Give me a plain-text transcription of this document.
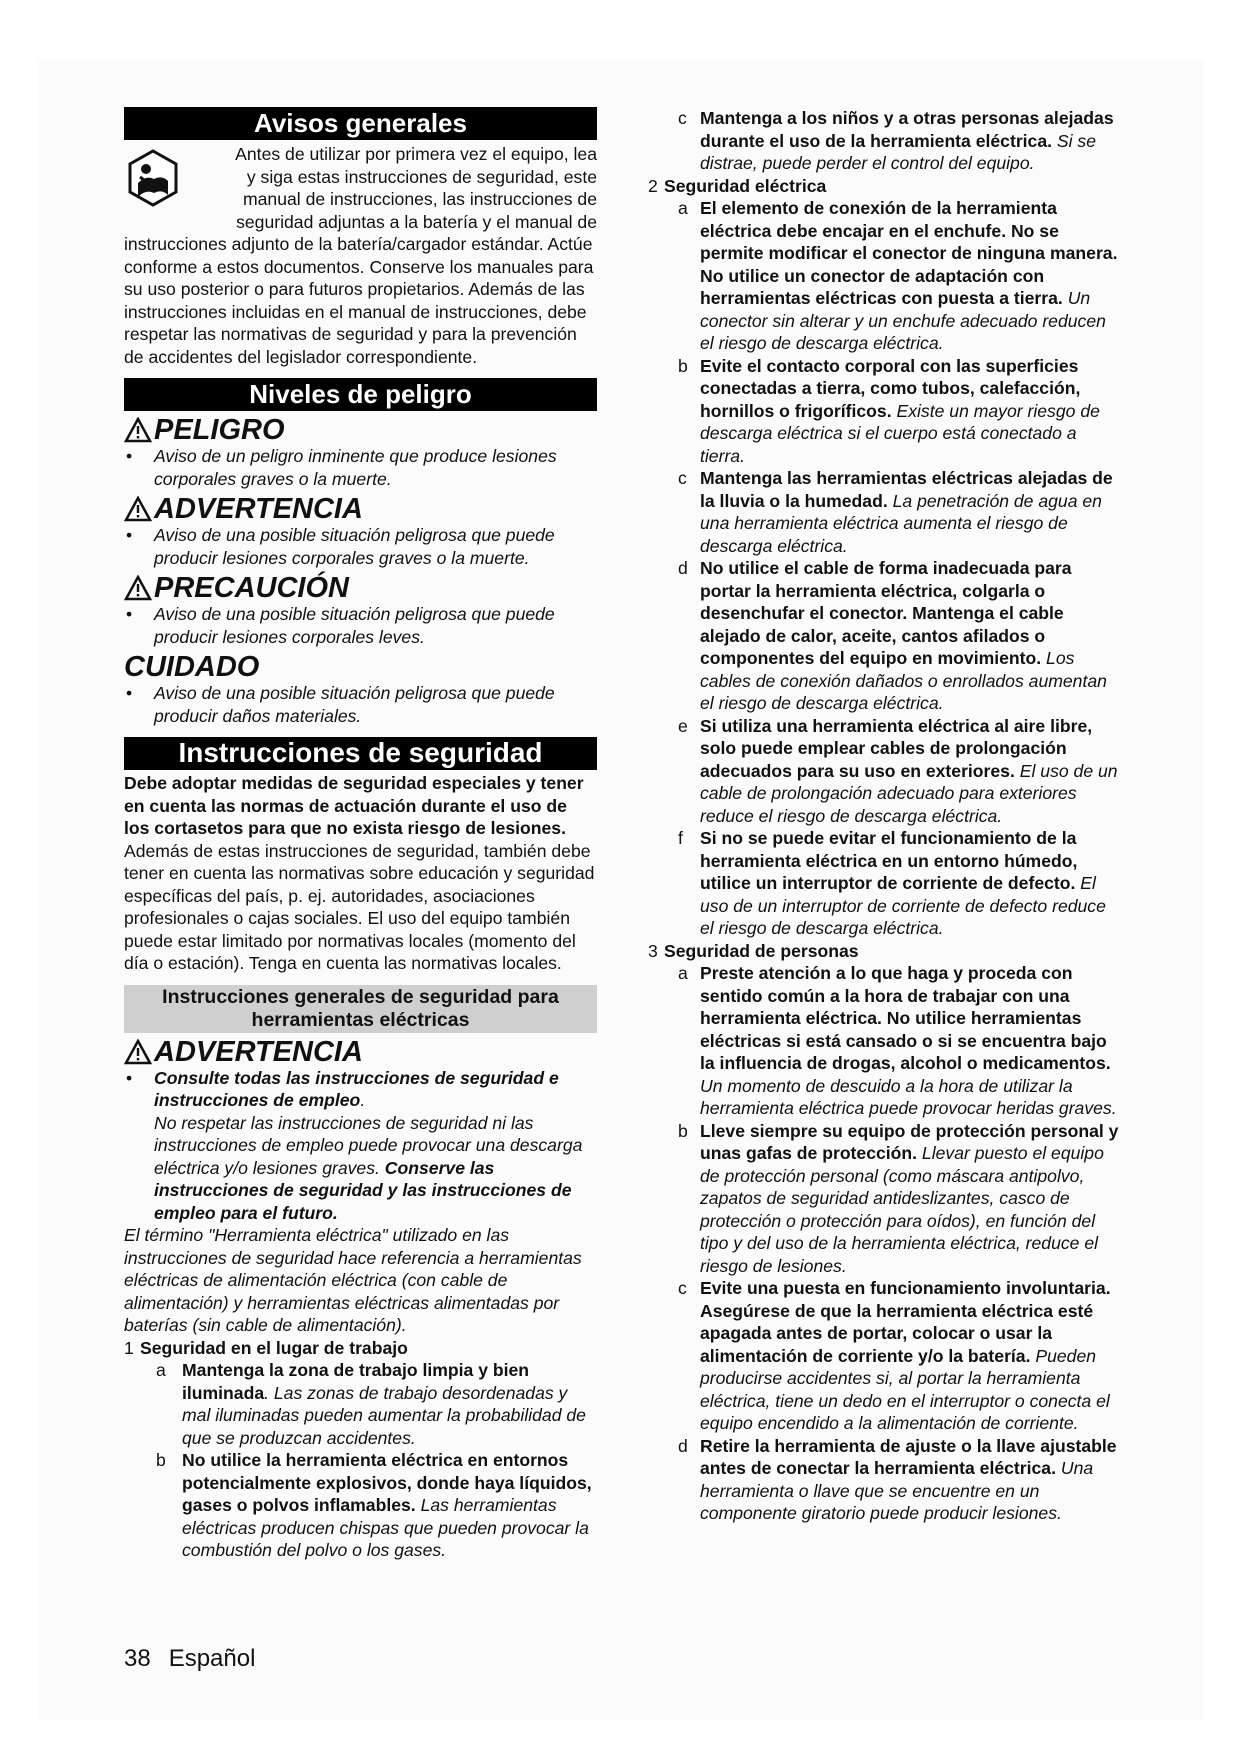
Avisos generales

Antes de utilizar por primera vez el equipo, lea

y siga estas instrucciones de seguridad, este

manual de instrucciones, las instrucciones de

seguridad adjuntas a la batería y el manual de

instrucciones adjunto de la batería/cargador estándar. Actúe conforme a estos documentos. Conserve los manuales para su uso posterior o para futuros propietarios. Además de las instrucciones incluidas en el manual de instrucciones, debe respetar las normativas de seguridad y para la prevención de accidentes del legislador correspondiente.

Niveles de peligro
PELIGRO
• Aviso de un peligro inminente que produce lesiones corporales graves o la muerte.
ADVERTENCIA
• Aviso de una posible situación peligrosa que puede producir lesiones corporales graves o la muerte.
PRECAUCIÓN
• Aviso de una posible situación peligrosa que puede producir lesiones corporales leves.
CUIDADO
• Aviso de una posible situación peligrosa que puede producir daños materiales.
Instrucciones de seguridad

Debe adoptar medidas de seguridad especiales y tener en cuenta las normas de actuación durante el uso de los cortasetos para que no exista riesgo de lesiones.

Además de estas instrucciones de seguridad, también debe tener en cuenta las normativas sobre educación y seguridad específicas del país, p. ej. autoridades, asociaciones profesionales o cajas sociales. El uso del equipo también puede estar limitado por normativas locales (momento del día o estación). Tenga en cuenta las normativas locales.

Instrucciones generales de seguridad para herramientas eléctricas
ADVERTENCIA
• Consulte todas las instrucciones de seguridad e instrucciones de empleo.
No respetar las instrucciones de seguridad ni las instrucciones de empleo puede provocar una descarga eléctrica y/o lesiones graves. Conserve las instrucciones de seguridad y las instrucciones de empleo para el futuro.

El término "Herramienta eléctrica" utilizado en las instrucciones de seguridad hace referencia a herramientas eléctricas de alimentación eléctrica (con cable de alimentación) y herramientas eléctricas alimentadas por baterías (sin cable de alimentación).

1 Seguridad en el lugar de trabajo
a Mantenga la zona de trabajo limpia y bien iluminada. Las zonas de trabajo desordenadas y mal iluminadas pueden aumentar la probabilidad de que se produzcan accidentes.
b No utilice la herramienta eléctrica en entornos potencialmente explosivos, donde haya líquidos, gases o polvos inflamables. Las herramientas eléctricas producen chispas que pueden provocar la combustión del polvo o los gases.
c Mantenga a los niños y a otras personas alejadas durante el uso de la herramienta eléctrica. Si se distrae, puede perder el control del equipo.
2 Seguridad eléctrica
a El elemento de conexión de la herramienta eléctrica debe encajar en el enchufe. No se permite modificar el conector de ninguna manera. No utilice un conector de adaptación con herramientas eléctricas con puesta a tierra. Un conector sin alterar y un enchufe adecuado reducen el riesgo de descarga eléctrica.
b Evite el contacto corporal con las superficies conectadas a tierra, como tubos, calefacción, hornillos o frigoríficos. Existe un mayor riesgo de descarga eléctrica si el cuerpo está conectado a tierra.
c Mantenga las herramientas eléctricas alejadas de la lluvia o la humedad. La penetración de agua en una herramienta eléctrica aumenta el riesgo de descarga eléctrica.
d No utilice el cable de forma inadecuada para portar la herramienta eléctrica, colgarla o desenchufar el conector. Mantenga el cable alejado de calor, aceite, cantos afilados o componentes del equipo en movimiento. Los cables de conexión dañados o enrollados aumentan el riesgo de descarga eléctrica.
e Si utiliza una herramienta eléctrica al aire libre, solo puede emplear cables de prolongación adecuados para su uso en exteriores. El uso de un cable de prolongación adecuado para exteriores reduce el riesgo de descarga eléctrica.
f Si no se puede evitar el funcionamiento de la herramienta eléctrica en un entorno húmedo, utilice un interruptor de corriente de defecto. El uso de un interruptor de corriente de defecto reduce el riesgo de descarga eléctrica.
3 Seguridad de personas
a Preste atención a lo que haga y proceda con sentido común a la hora de trabajar con una herramienta eléctrica. No utilice herramientas eléctricas si está cansado o si se encuentra bajo la influencia de drogas, alcohol o medicamentos. Un momento de descuido a la hora de utilizar la herramienta eléctrica puede provocar heridas graves.
b Lleve siempre su equipo de protección personal y unas gafas de protección. Llevar puesto el equipo de protección personal (como máscara antipolvo, zapatos de seguridad antideslizantes, casco de protección o protección para oídos), en función del tipo y del uso de la herramienta eléctrica, reduce el riesgo de lesiones.
c Evite una puesta en funcionamiento involuntaria. Asegúrese de que la herramienta eléctrica esté apagada antes de portar, colocar o usar la alimentación de corriente y/o la batería. Pueden producirse accidentes si, al portar la herramienta eléctrica, tiene un dedo en el interruptor o conecta el equipo encendido a la alimentación de corriente.
d Retire la herramienta de ajuste o la llave ajustable antes de conectar la herramienta eléctrica. Una herramienta o llave que se encuentre en un componente giratorio puede producir lesiones.
38 Español
